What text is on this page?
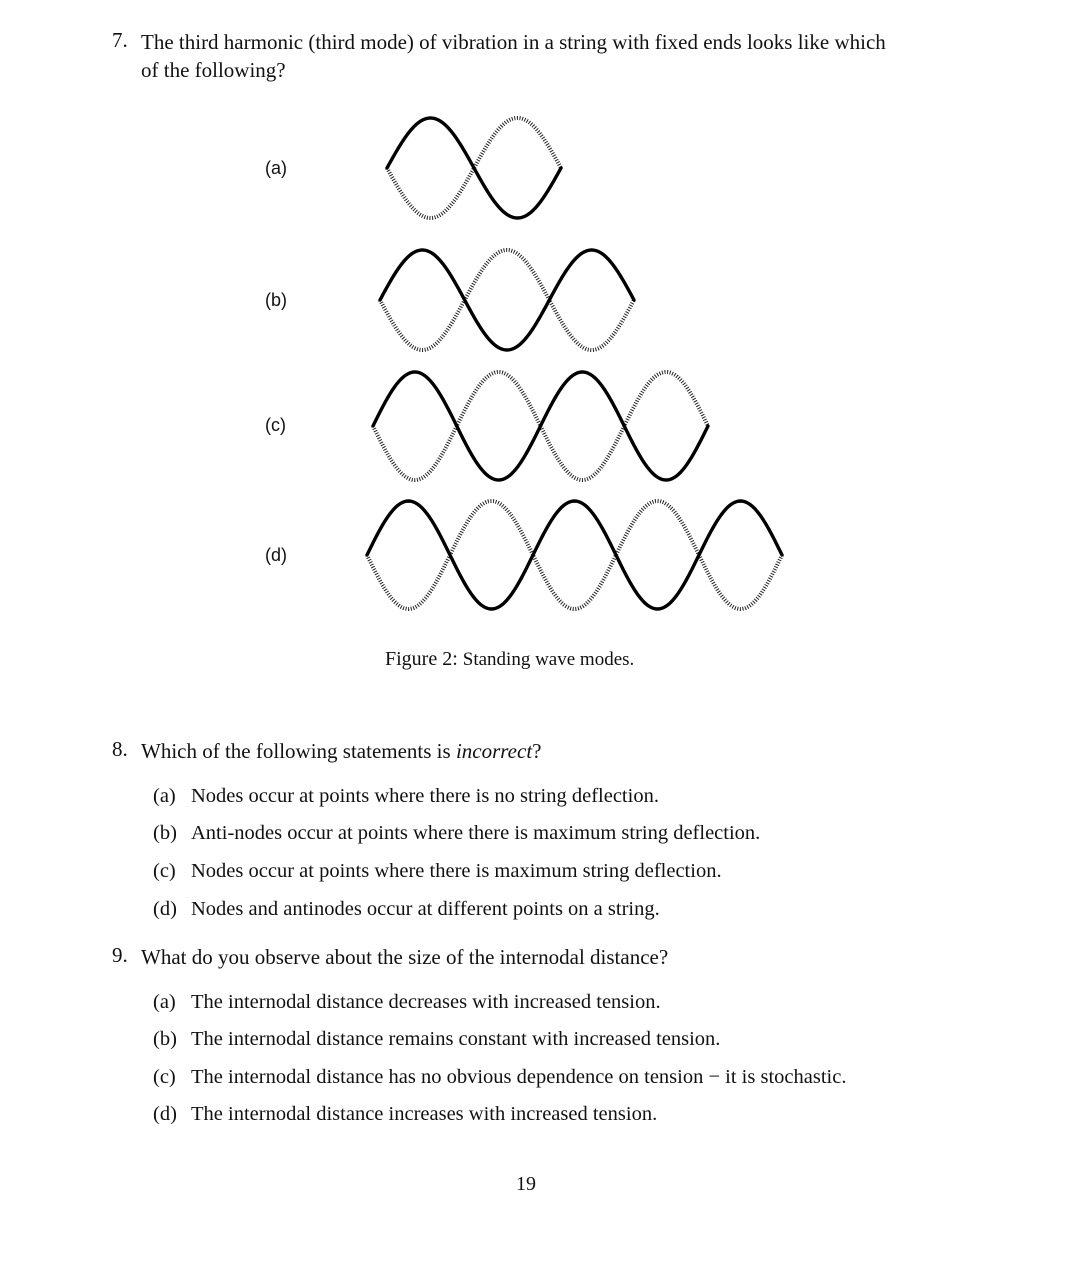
7. The third harmonic (third mode) of vibration in a string with fixed ends looks like which
of the following?
(a)
(b)
(c)
(d)
Figure 2: Standing wave modes.
8. Which of the following statements is incorrect?
(a) Nodes occur at points where there is no string deflection.
(b) Anti-nodes occur at points where there is maximum string deflection.
(c) Nodes occur at points where there is maximum string deflection.
(d) Nodes and antinodes occur at different points on a string.
9. What do you observe about the size of the internodal distance?
(a) The internodal distance decreases with increased tension.
(b) The internodal distance remains constant with increased tension.
(c) The internodal distance has no obvious dependence on tension − it is stochastic.
(d) The internodal distance increases with increased tension.
19
